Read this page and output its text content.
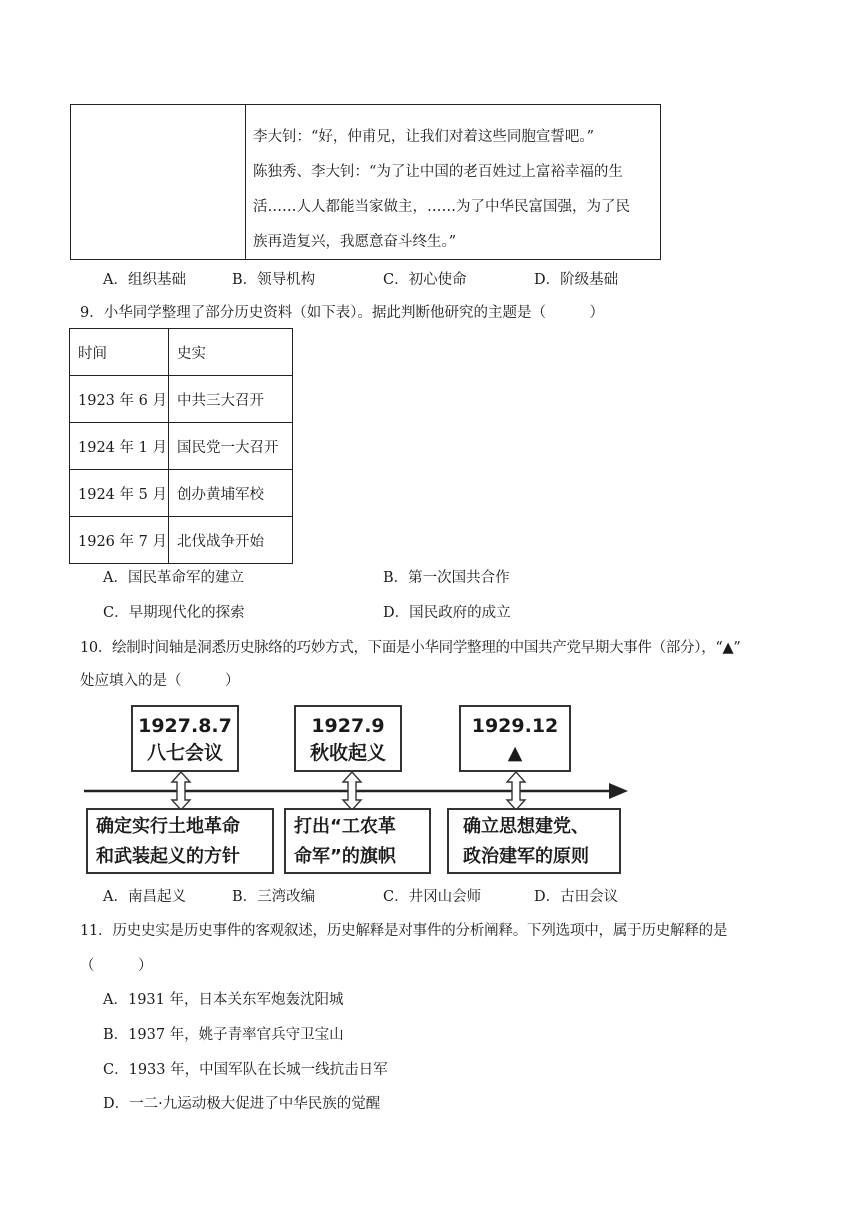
李大钊：“好，仲甫兄，让我们对着这些同胞宣誓吧。”
陈独秀、李大钊：“为了让中国的老百姓过上富裕幸福的生
活……人人都能当家做主，……为了中华民富国强，为了民
族再造复兴，我愿意奋斗终生。”
A．组织基础	B．领导机构	C．初心使命	D．阶级基础
9．小华同学整理了部分历史资料（如下表）。据此判断他研究的主题是（　　　）
时间	史实
1923 年 6 月	中共三大召开
1924 年 1 月	国民党一大召开
1924 年 5 月	创办黄埔军校
1926 年 7 月	北伐战争开始
A．国民革命军的建立	B．第一次国共合作
C．早期现代化的探索	D．国民政府的成立
10．绘制时间轴是洞悉历史脉络的巧妙方式，下面是小华同学整理的中国共产党早期大事件（部分），“▲”
处应填入的是（　　　）
1927.8.7
八七会议
1927.9
秋收起义
1929.12
▲
确定实行土地革命
和武装起义的方针
打出“工农革
命军”的旗帜
确立思想建党、
政治建军的原则
A．南昌起义	B．三湾改编	C．井冈山会师	D．古田会议
11．历史史实是历史事件的客观叙述，历史解释是对事件的分析阐释。下列选项中，属于历史解释的是
（　　　）
A．1931 年，日本关东军炮轰沈阳城
B．1937 年，姚子青率官兵守卫宝山
C．1933 年，中国军队在长城一线抗击日军
D．一二·九运动极大促进了中华民族的觉醒
